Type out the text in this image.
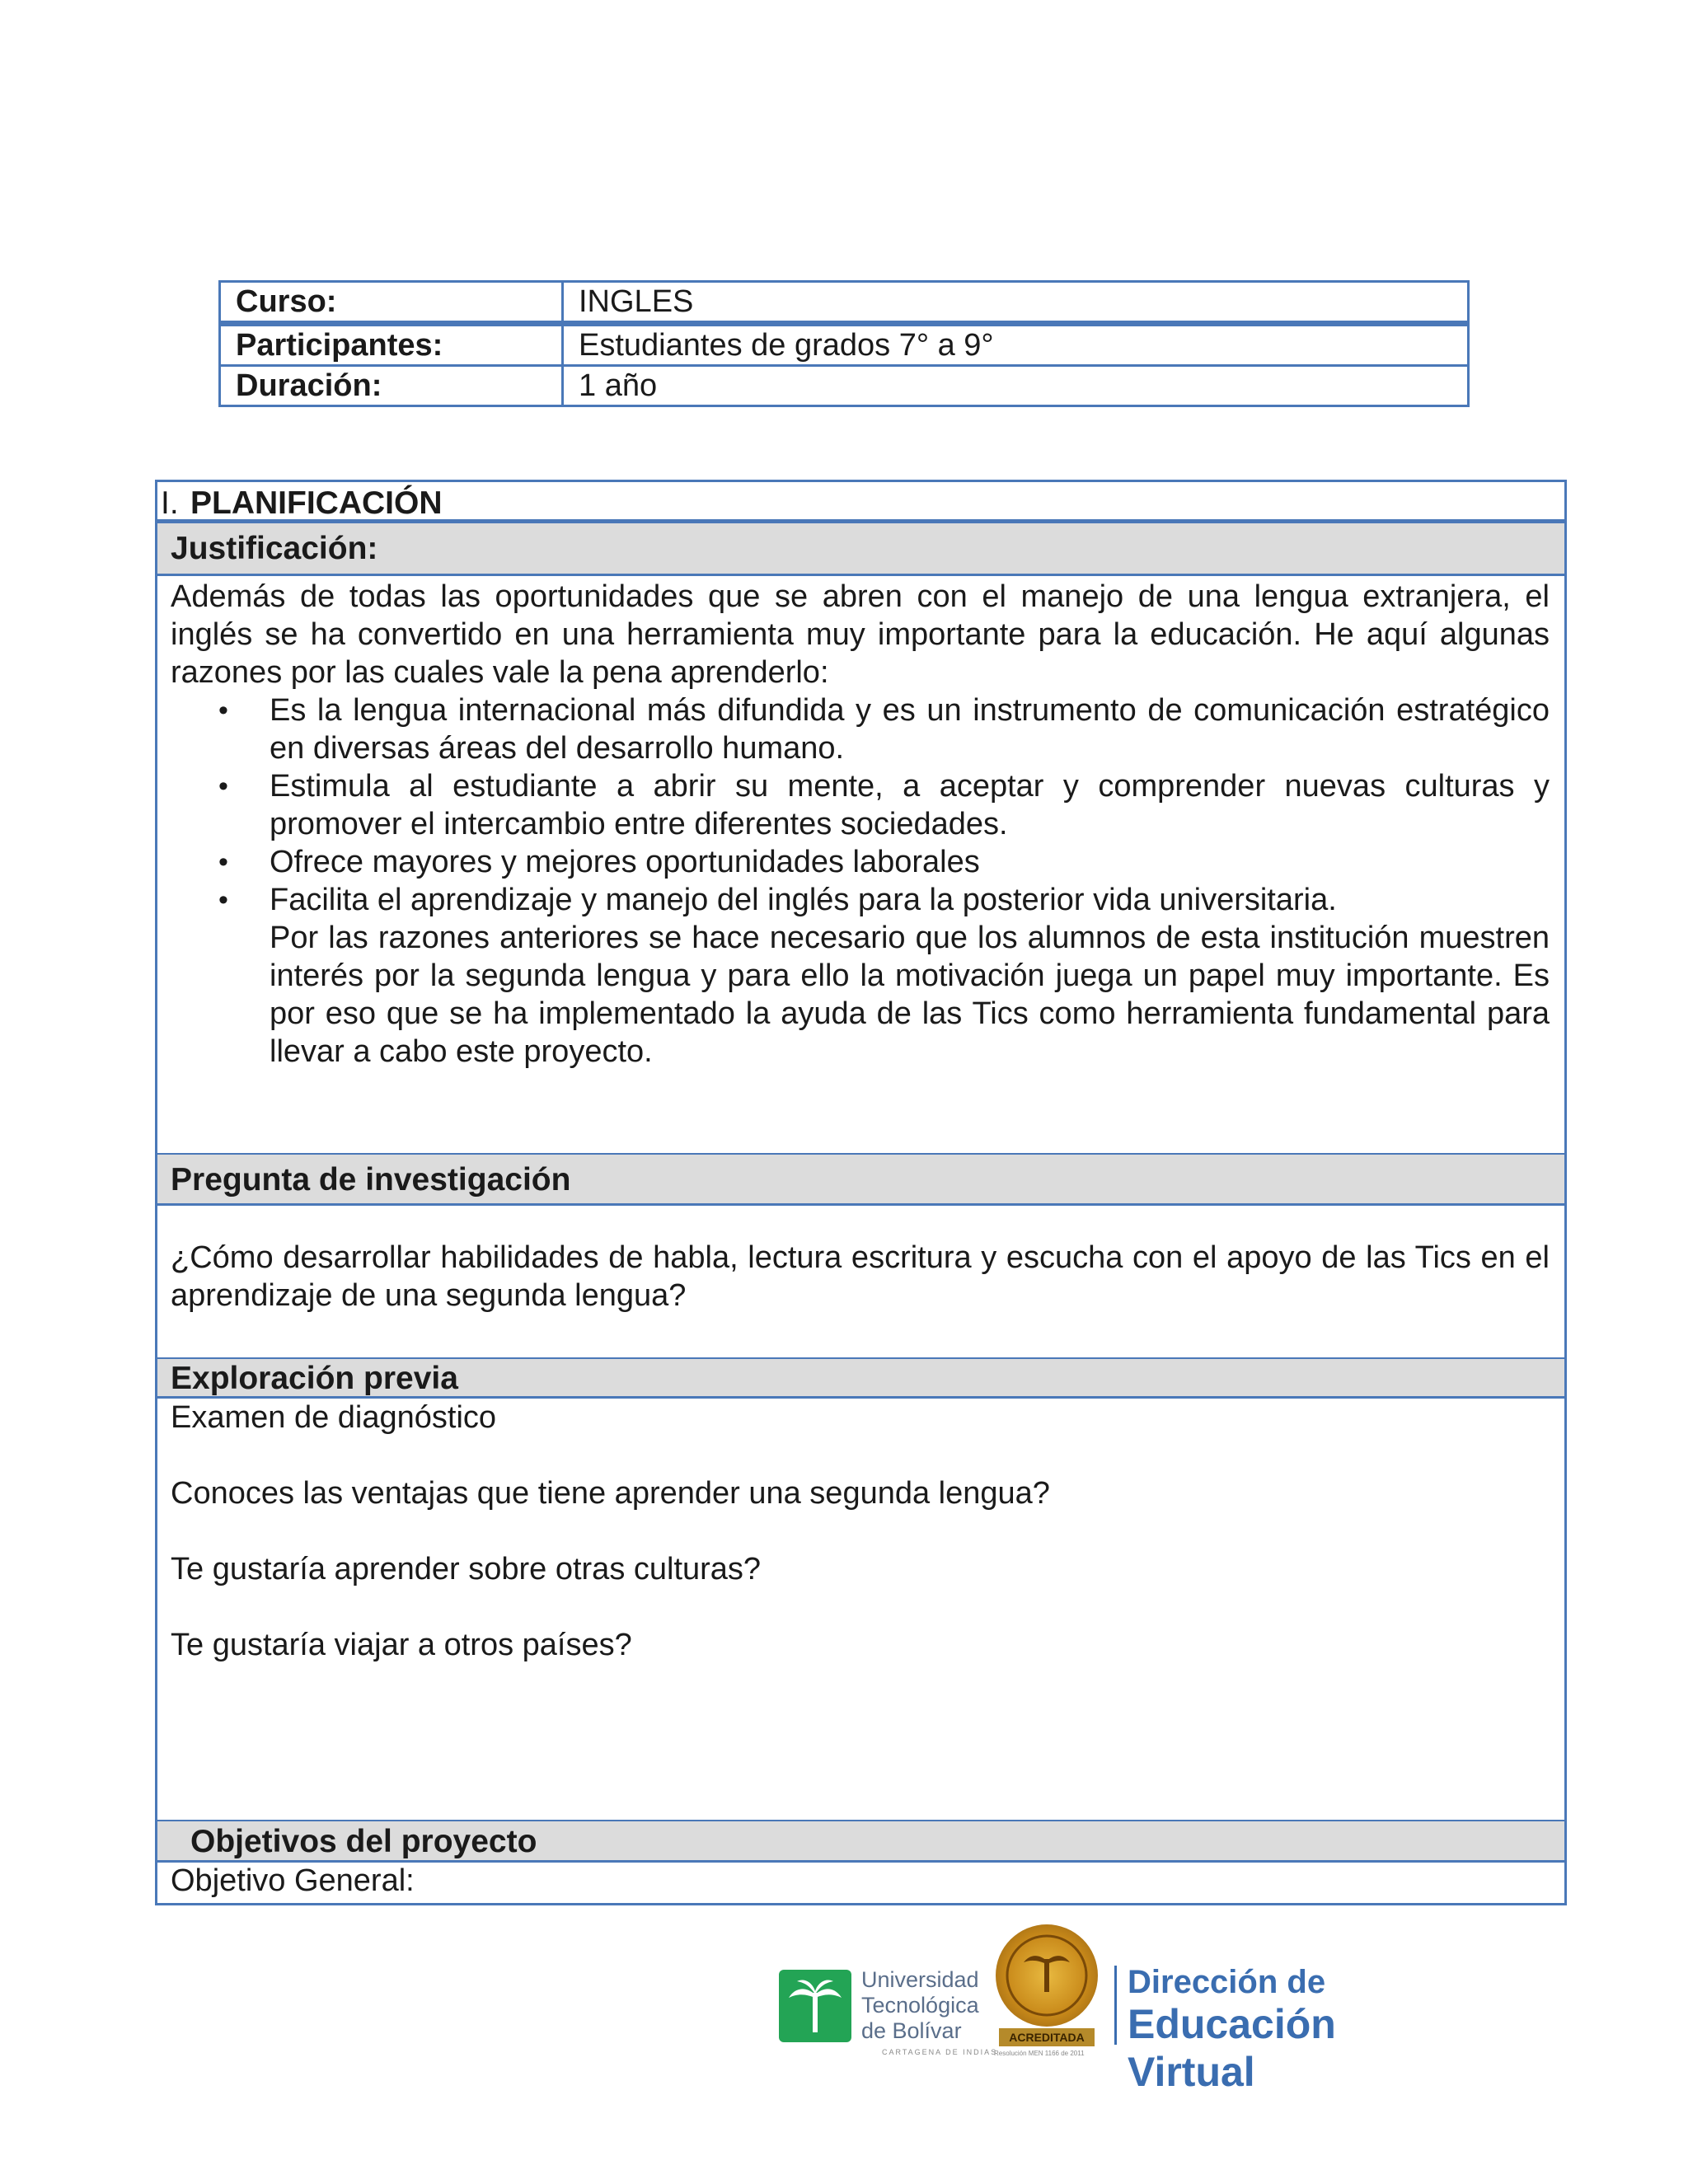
Curso:	INGLES
Participantes:	Estudiantes de grados 7° a 9°
Duración:	1 año
I. PLANIFICACIÓN
Justificación:

Además de todas las oportunidades que se abren con el manejo de una lengua extranjera, el inglés se ha convertido en una herramienta muy importante para la educación. He aquí algunas razones por las cuales vale la pena aprenderlo:

• Es la lengua internacional más difundida y es un instrumento de comunicación estratégico en diversas áreas del desarrollo humano.
• Estimula al estudiante a abrir su mente, a aceptar y comprender nuevas culturas y promover el intercambio entre diferentes sociedades.
• Ofrece mayores y mejores oportunidades laborales
• Facilita el aprendizaje y manejo del inglés para la posterior vida universitaria.

Por las razones anteriores se hace necesario que los alumnos de esta institución muestren interés por la segunda lengua y para ello la motivación juega un papel muy importante. Es por eso que se ha implementado la ayuda de las Tics como herramienta fundamental para llevar a cabo este proyecto.

Pregunta de investigación

¿Cómo desarrollar habilidades de habla, lectura escritura y escucha con el apoyo de las Tics en el aprendizaje de una segunda lengua?

Exploración previa

Examen de diagnóstico

Conoces las ventajas que tiene aprender una segunda lengua?

Te gustaría aprender sobre otras culturas?

Te gustaría viajar a otros países?

Objetivos del proyecto
Objetivo General:
Universidad
Tecnológica
de Bolívar
CARTAGENA DE INDIAS
ACREDITADA
Resolución MEN 1166 de 2011
Dirección de
Educación Virtual
